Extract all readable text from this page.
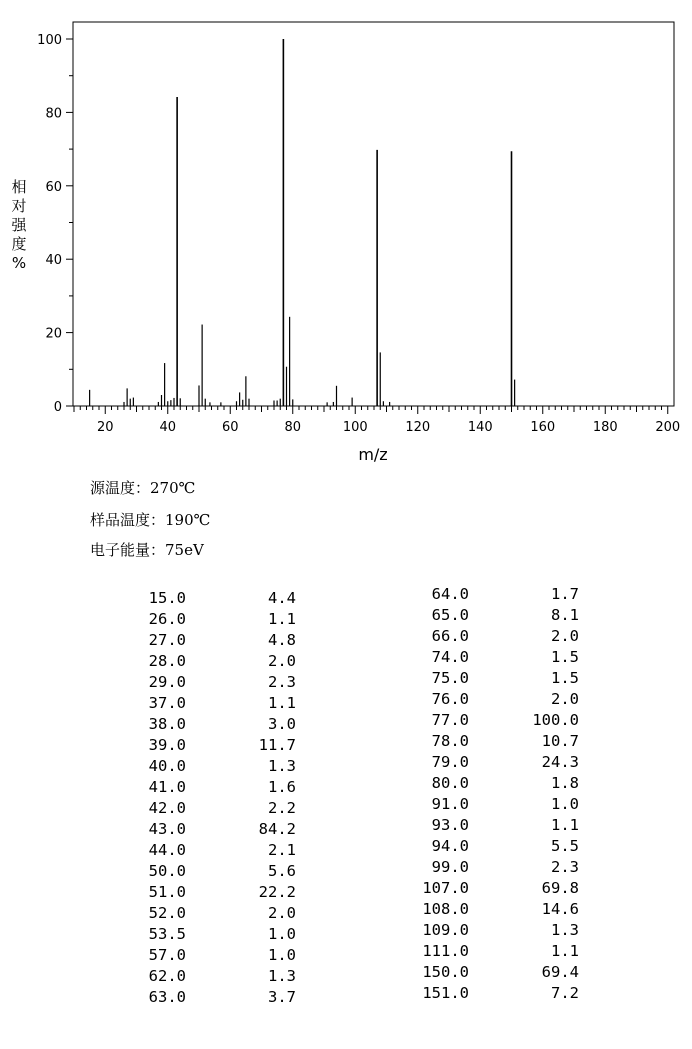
0
20
40
60
80
100
20	40	60	80	100	120	140	160	180	200
m/z
相
对
强
度
%
源温度：270℃
样品温度：190℃
电子能量：75eV
15.0	4.4
26.0	1.1
27.0	4.8
28.0	2.0
29.0	2.3
37.0	1.1
38.0	3.0
39.0	11.7
40.0	1.3
41.0	1.6
42.0	2.2
43.0	84.2
44.0	2.1
50.0	5.6
51.0	22.2
52.0	2.0
53.5	1.0
57.0	1.0
62.0	1.3
63.0	3.7
64.0	1.7
65.0	8.1
66.0	2.0
74.0	1.5
75.0	1.5
76.0	2.0
77.0	100.0
78.0	10.7
79.0	24.3
80.0	1.8
91.0	1.0
93.0	1.1
94.0	5.5
99.0	2.3
107.0	69.8
108.0	14.6
109.0	1.3
111.0	1.1
150.0	69.4
151.0	7.2
